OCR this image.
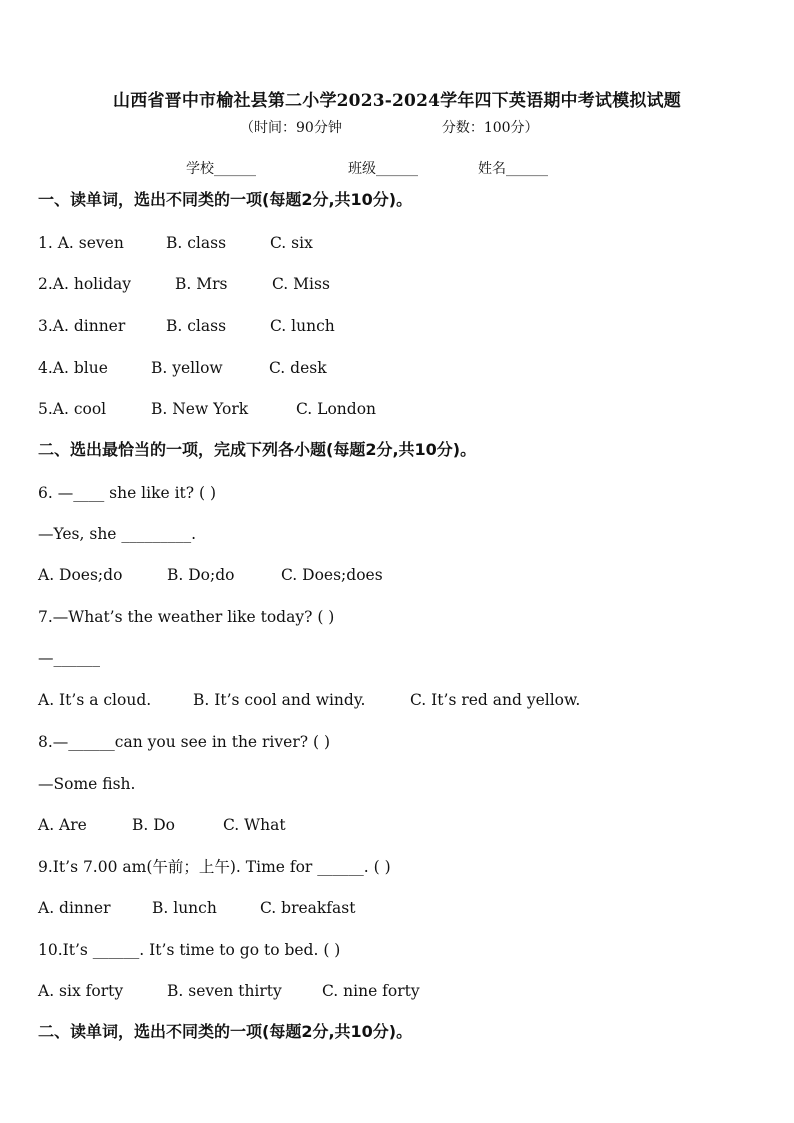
山西省晋中市榆社县第二小学2023-2024学年四下英语期中考试模拟试题
（时间：90分钟	分数：100分）
学校______	班级______	姓名______
一、读单词，选出不同类的一项(每题2分,共10分)。
1. A. seven	B. class	C. six
2.A. holiday	B. Mrs	C. Miss
3.A. dinner	B. class	C. lunch
4.A. blue	B. yellow	C. desk
5.A. cool	B. New York	C. London
二、选出最恰当的一项，完成下列各小题(每题2分,共10分)。
6. —____ she like it? ( )
—Yes, she _________.
A. Does;do	B. Do;do	C. Does;does
7.—What’s the weather like today? ( )
—______
A. It’s a cloud.	B. It’s cool and windy.	C. It’s red and yellow.
8.—______can you see in the river? ( )
—Some fish.
A. Are	B. Do	C. What
9.It’s 7.00 am(午前；上午). Time for ______. ( )
A. dinner	B. lunch	C. breakfast
10.It’s ______. It’s time to go to bed. ( )
A. six forty	B. seven thirty	C. nine forty
二、读单词，选出不同类的一项(每题2分,共10分)。
